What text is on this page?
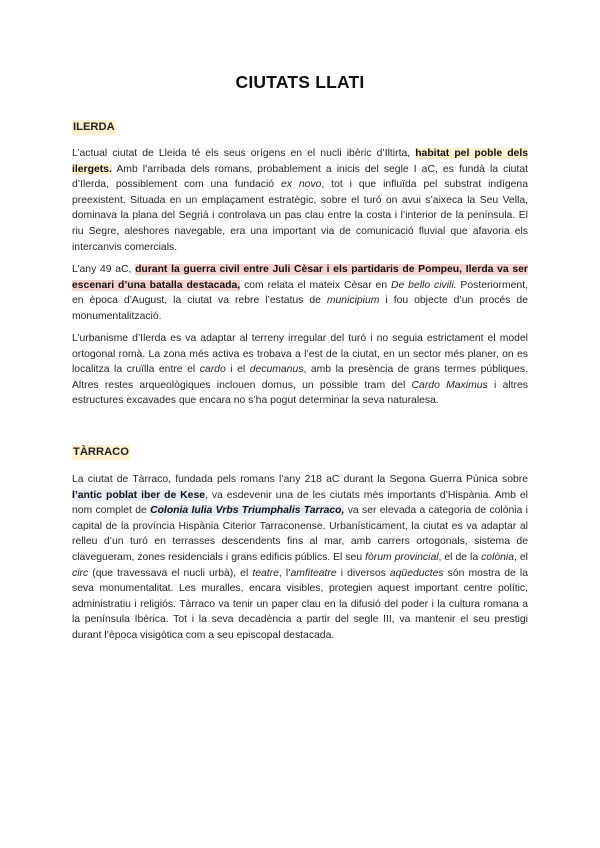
CIUTATS LLATI
ILERDA

L’actual ciutat de Lleida té els seus orígens en el nucli ibèric d’Iltirta, habitat pel poble dels ilergets. Amb l’arribada dels romans, probablement a inicis del segle I aC, es fundà la ciutat d’Ilerda, possiblement com una fundació ex novo, tot i que influïda pel substrat indígena preexistent. Situada en un emplaçament estratègic, sobre el turó on avui s’aixeca la Seu Vella, dominava la plana del Segrià i controlava un pas clau entre la costa i l’interior de la península. El riu Segre, aleshores navegable, era una important via de comunicació fluvial que afavoria els intercanvis comercials.

L’any 49 aC, durant la guerra civil entre Juli Cèsar i els partidaris de Pompeu, Ilerda va ser escenari d’una batalla destacada, com relata el mateix Cèsar en De bello civili. Posteriorment, en època d’August, la ciutat va rebre l’estatus de municipium i fou objecte d’un procés de monumentalització.

L’urbanisme d’Ilerda es va adaptar al terreny irregular del turó i no seguia estrictament el model ortogonal romà. La zona més activa es trobava a l’est de la ciutat, en un sector més planer, on es localitza la cruïlla entre el cardo i el decumanus, amb la presència de grans termes públiques. Altres restes arqueològiques inclouen domus, un possible tram del Cardo Maximus i altres estructures excavades que encara no s’ha pogut determinar la seva naturalesa.

TÀRRACO

La ciutat de Tàrraco, fundada pels romans l’any 218 aC durant la Segona Guerra Púnica sobre l’antic poblat iber de Kese, va esdevenir una de les ciutats més importants d’Hispània. Amb el nom complet de Colonia Iulia Vrbs Triumphalis Tarraco, va ser elevada a categoria de colònia i capital de la província Hispània Citerior Tarraconense. Urbanísticament, la ciutat es va adaptar al relleu d’un turó en terrasses descendents fins al mar, amb carrers ortogonals, sistema de clavegueram, zones residencials i grans edificis públics. El seu fòrum provincial, el de la colònia, el circ (que travessava el nucli urbà), el teatre, l’amfiteatre i diversos aqüeductes són mostra de la seva monumentalitat. Les muralles, encara visibles, protegien aquest important centre polític, administratiu i religiós. Tàrraco va tenir un paper clau en la difusió del poder i la cultura romana a la península Ibèrica. Tot i la seva decadència a partir del segle III, va mantenir el seu prestigi durant l’època visigòtica com a seu episcopal destacada.
